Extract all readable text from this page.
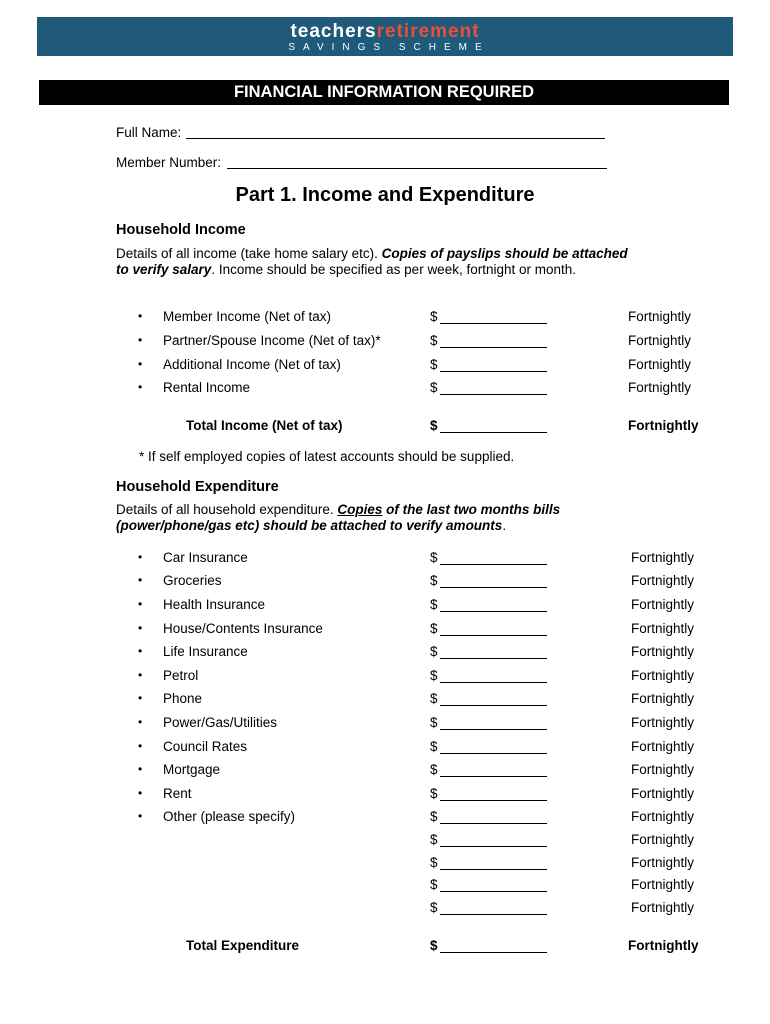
teachersretirement
SAVINGS SCHEME
FINANCIAL INFORMATION REQUIRED
Full Name:
Member Number:
Part 1. Income and Expenditure
Household Income
Details of all income (take home salary etc). Copies of payslips should be attached to verify salary. Income should be specified as per week, fortnight or month.
• Member Income (Net of tax)	$	Fortnightly
• Partner/Spouse Income (Net of tax)*	$	Fortnightly
• Additional Income (Net of tax)	$	Fortnightly
• Rental Income	$	Fortnightly
Total Income (Net of tax)	$	Fortnightly
* If self employed copies of latest accounts should be supplied.
Household Expenditure
Details of all household expenditure. Copies of the last two months bills (power/phone/gas etc) should be attached to verify amounts.
• Car Insurance	$	Fortnightly
• Groceries	$	Fortnightly
• Health Insurance	$	Fortnightly
• House/Contents Insurance	$	Fortnightly
• Life Insurance	$	Fortnightly
• Petrol	$	Fortnightly
• Phone	$	Fortnightly
• Power/Gas/Utilities	$	Fortnightly
• Council Rates	$	Fortnightly
• Mortgage	$	Fortnightly
• Rent	$	Fortnightly
• Other (please specify)	$	Fortnightly
$	Fortnightly
$	Fortnightly
$	Fortnightly
$	Fortnightly
Total Expenditure	$	Fortnightly
